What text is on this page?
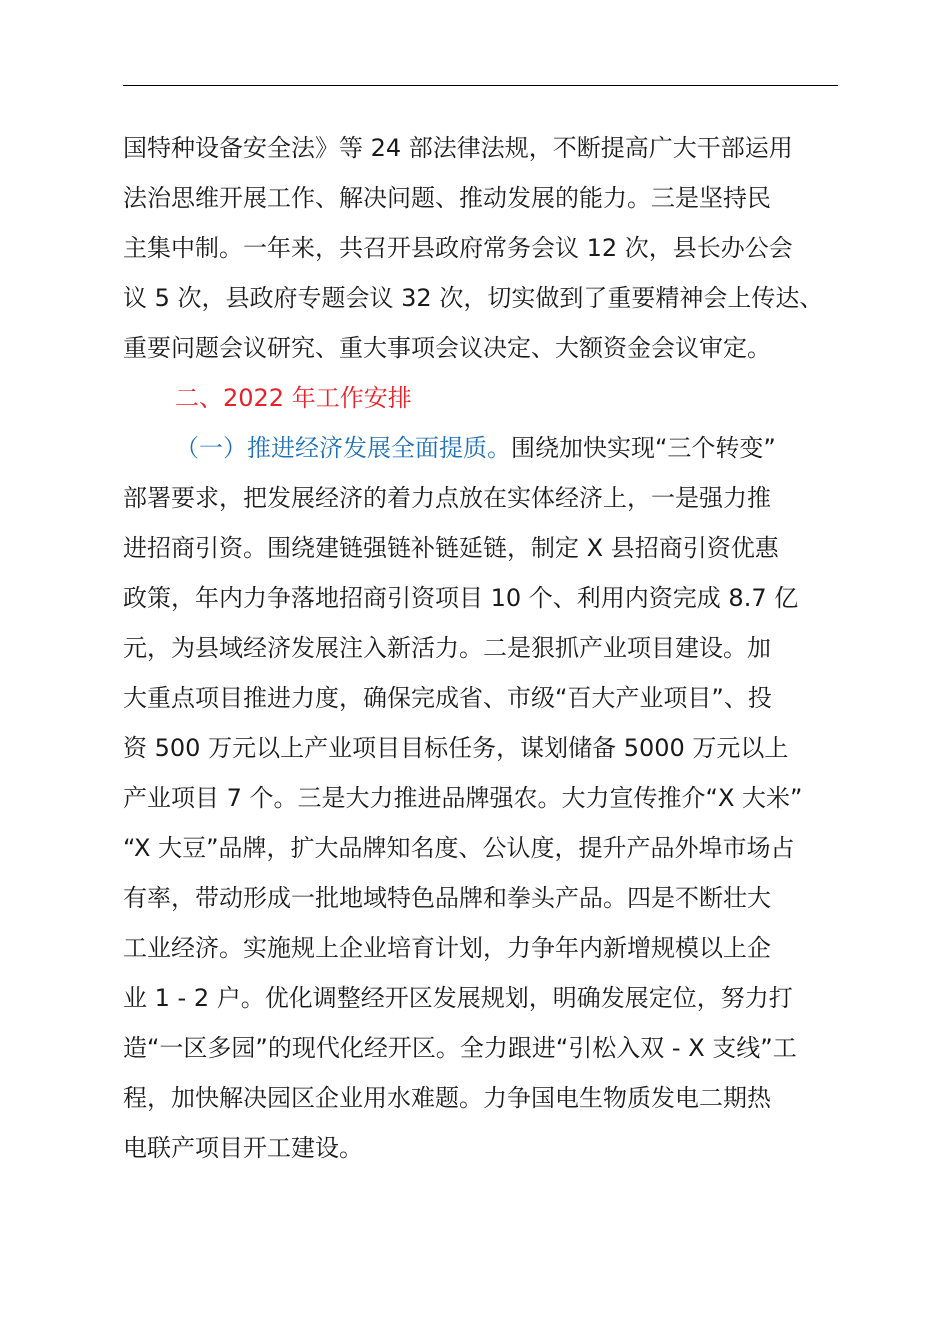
国特种设备安全法》等 24 部法律法规，不断提高广大干部运用
法治思维开展工作、解决问题、推动发展的能力。三是坚持民
主集中制。一年来，共召开县政府常务会议 12 次，县长办公会
议 5 次，县政府专题会议 32 次，切实做到了重要精神会上传达、
重要问题会议研究、重大事项会议决定、大额资金会议审定。
二、2022 年工作安排
（一）推进经济发展全面提质。围绕加快实现“三个转变”
部署要求，把发展经济的着力点放在实体经济上，一是强力推
进招商引资。围绕建链强链补链延链，制定 X 县招商引资优惠
政策，年内力争落地招商引资项目 10 个、利用内资完成 8.7 亿
元，为县域经济发展注入新活力。二是狠抓产业项目建设。加
大重点项目推进力度，确保完成省、市级“百大产业项目”、投
资 500 万元以上产业项目目标任务，谋划储备 5000 万元以上
产业项目 7 个。三是大力推进品牌强农。大力宣传推介“X 大米”
“X 大豆”品牌，扩大品牌知名度、公认度，提升产品外埠市场占
有率，带动形成一批地域特色品牌和拳头产品。四是不断壮大
工业经济。实施规上企业培育计划，力争年内新增规模以上企
业 1 - 2 户。优化调整经开区发展规划，明确发展定位，努力打
造“一区多园”的现代化经开区。全力跟进“引松入双 - X 支线”工
程，加快解决园区企业用水难题。力争国电生物质发电二期热
电联产项目开工建设。
